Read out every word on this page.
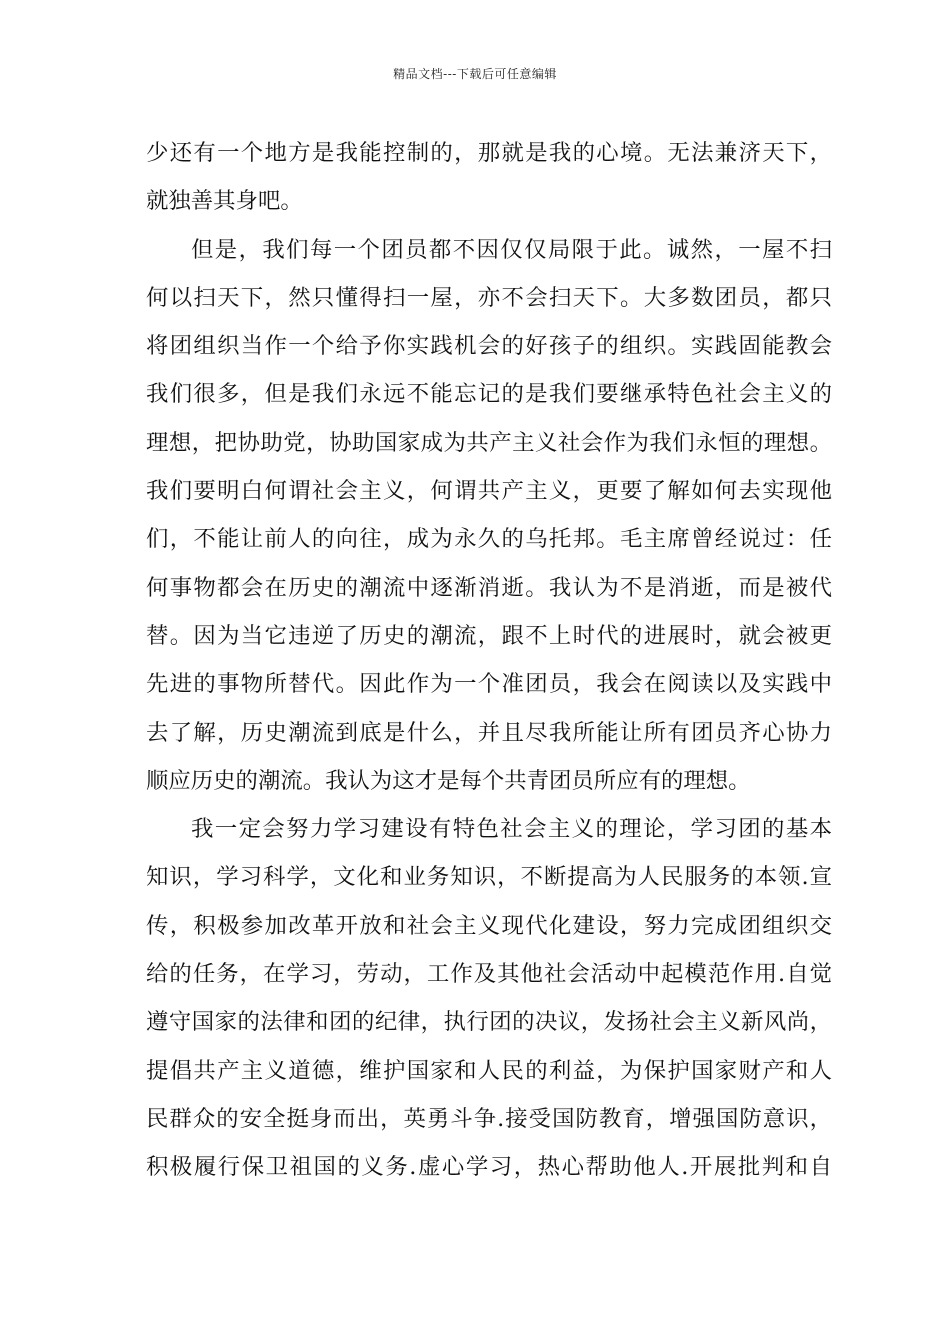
精品文档---下载后可任意编辑
少还有一个地方是我能控制的，那就是我的心境。无法兼济天下，
就独善其身吧。
但是，我们每一个团员都不因仅仅局限于此。诚然，一屋不扫
何以扫天下，然只懂得扫一屋，亦不会扫天下。大多数团员，都只
将团组织当作一个给予你实践机会的好孩子的组织。实践固能教会
我们很多，但是我们永远不能忘记的是我们要继承特色社会主义的
理想，把协助党，协助国家成为共产主义社会作为我们永恒的理想。
我们要明白何谓社会主义，何谓共产主义，更要了解如何去实现他
们，不能让前人的向往，成为永久的乌托邦。毛主席曾经说过：任
何事物都会在历史的潮流中逐渐消逝。我认为不是消逝，而是被代
替。因为当它违逆了历史的潮流，跟不上时代的进展时，就会被更
先进的事物所替代。因此作为一个准团员，我会在阅读以及实践中
去了解，历史潮流到底是什么，并且尽我所能让所有团员齐心协力
顺应历史的潮流。我认为这才是每个共青团员所应有的理想。
我一定会努力学习建设有特色社会主义的理论，学习团的基本
知识，学习科学，文化和业务知识，不断提高为人民服务的本领.宣
传，积极参加改革开放和社会主义现代化建设，努力完成团组织交
给的任务，在学习，劳动，工作及其他社会活动中起模范作用.自觉
遵守国家的法律和团的纪律，执行团的决议，发扬社会主义新风尚，
提倡共产主义道德，维护国家和人民的利益，为保护国家财产和人
民群众的安全挺身而出，英勇斗争.接受国防教育，增强国防意识，
积极履行保卫祖国的义务.虚心学习，热心帮助他人.开展批判和自
